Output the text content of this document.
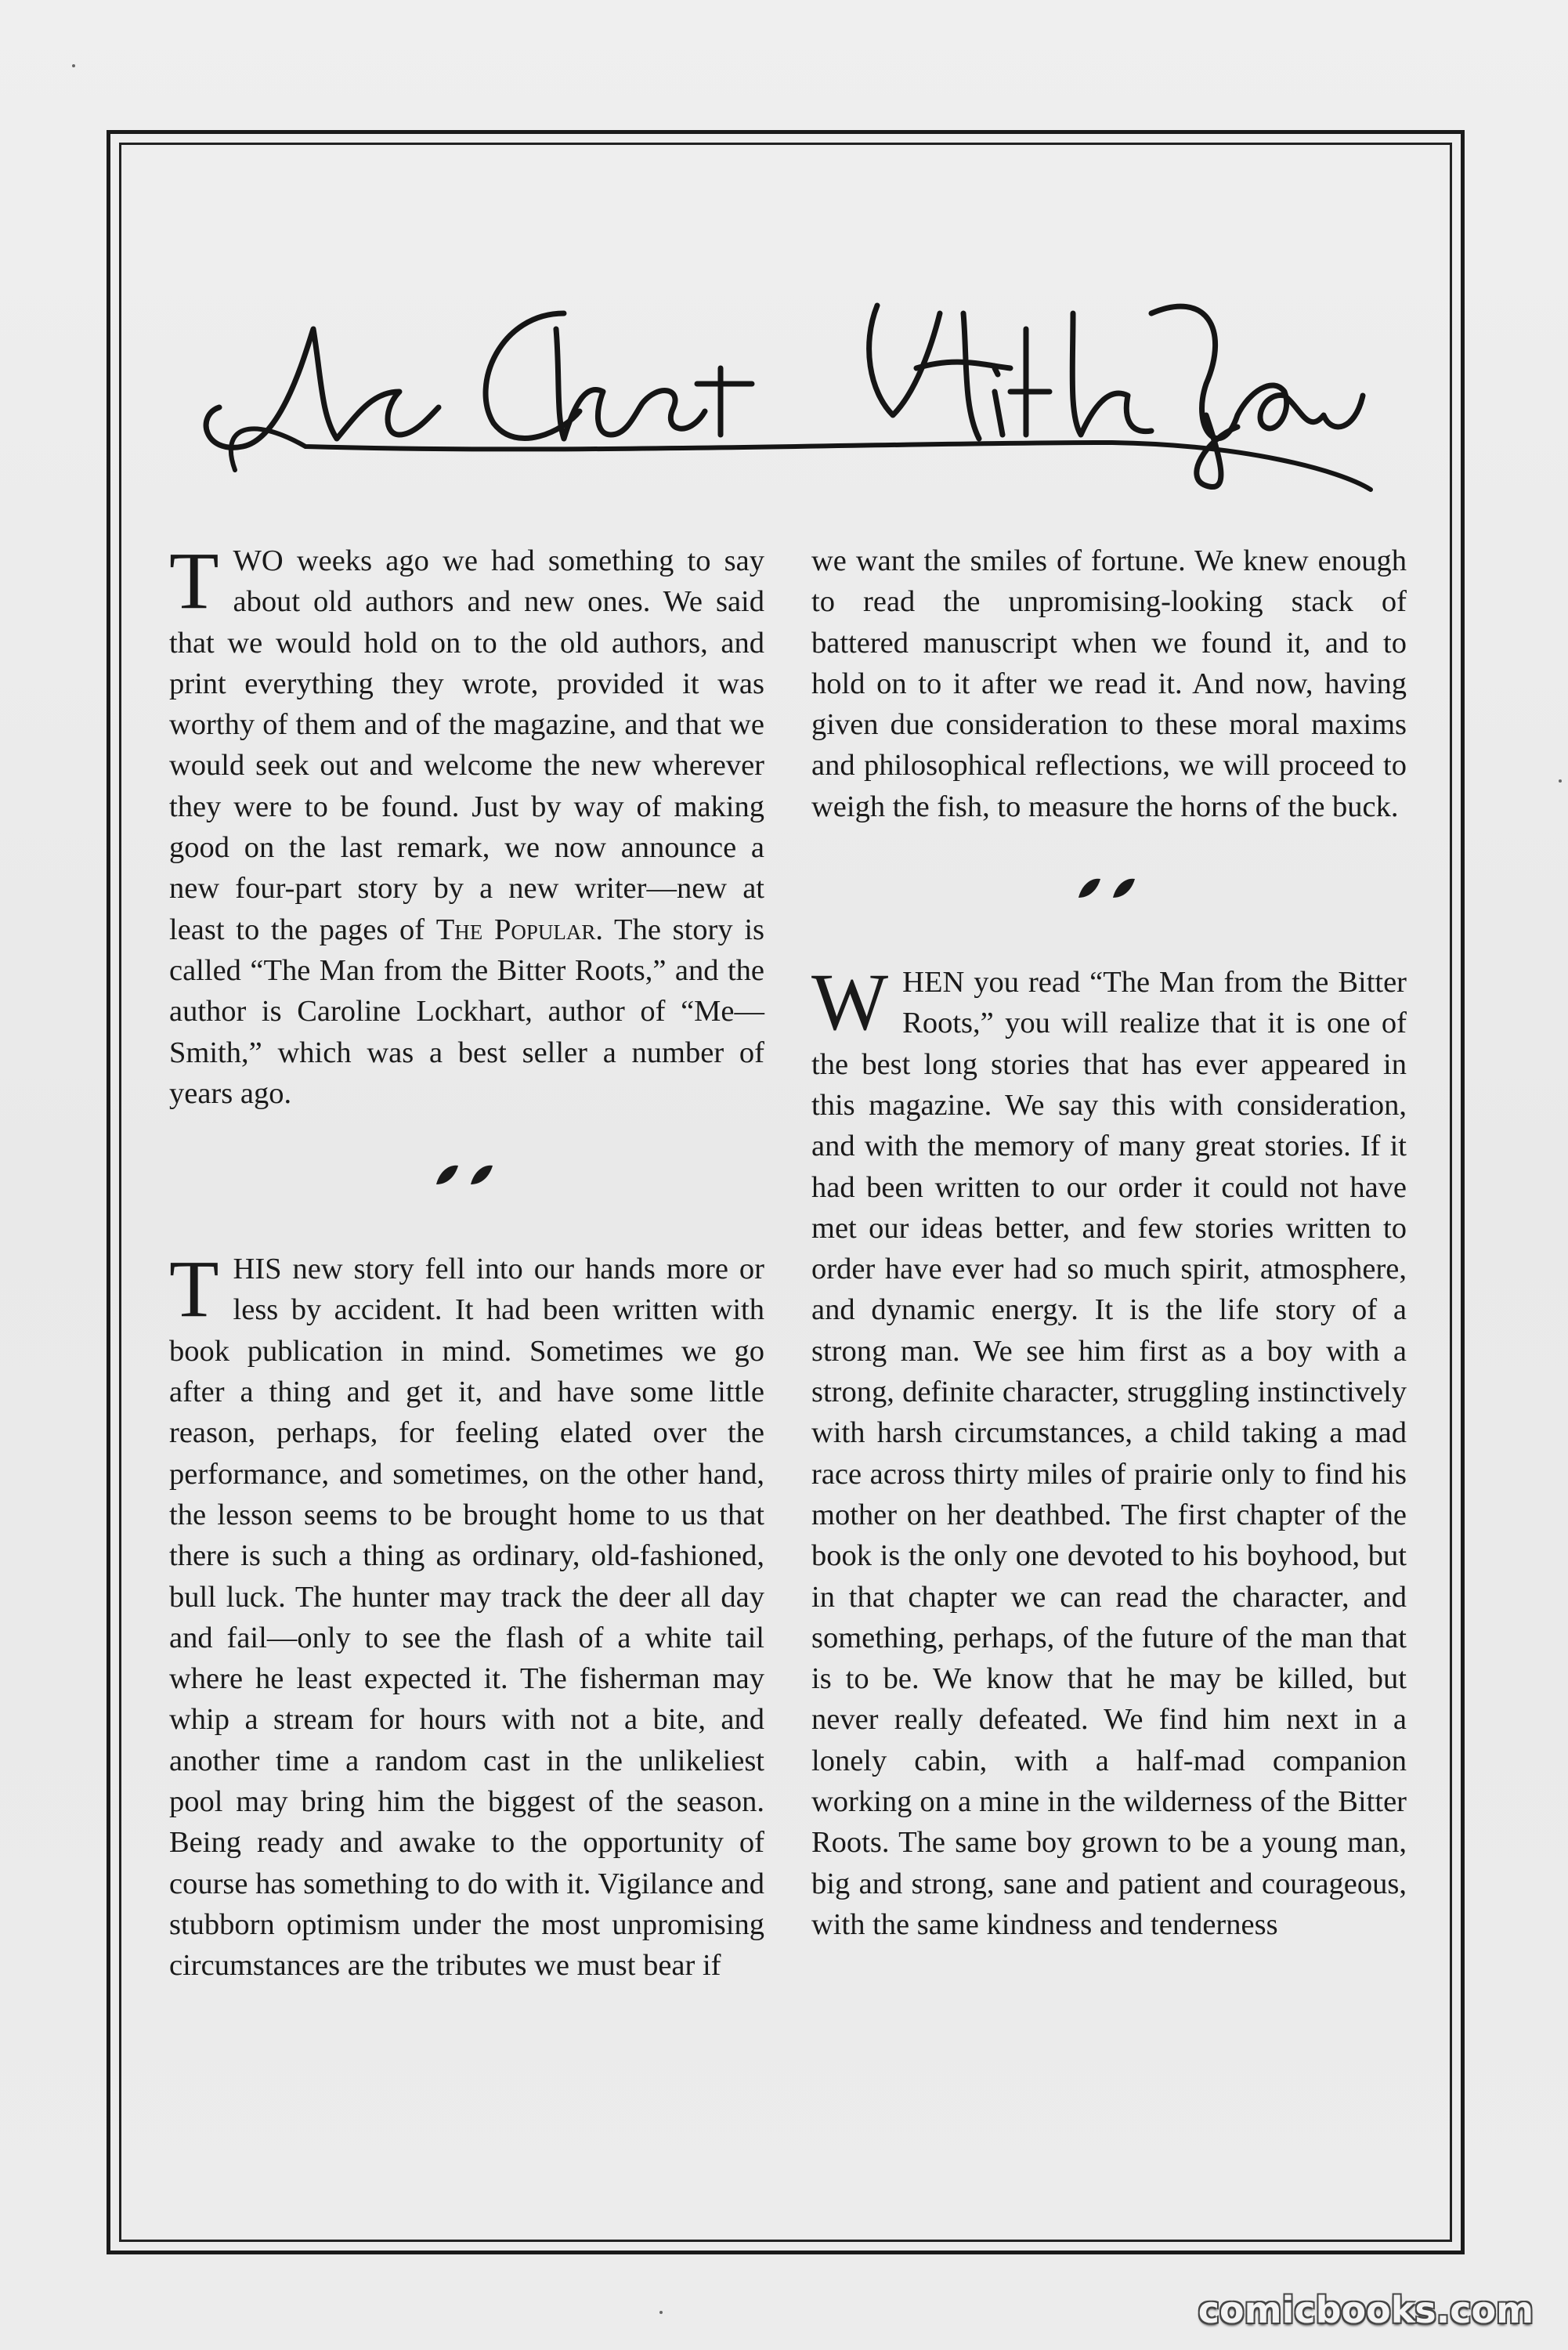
TWO weeks ago we had something to say about old authors and new ones. We said that we would hold on to the old authors, and print everything they wrote, provided it was worthy of them and of the magazine, and that we would seek out and welcome the new wherever they were to be found. Just by way of making good on the last remark, we now announce a new four-part story by a new writer—new at least to the pages of The Popular. The story is called “The Man from the Bitter Roots,” and the author is Caroline Lockhart, author of “Me—Smith,” which was a best seller a number of years ago.

THIS new story fell into our hands more or less by accident. It had been written with book publication in mind. Sometimes we go after a thing and get it, and have some little reason, perhaps, for feeling elated over the performance, and sometimes, on the other hand, the lesson seems to be brought home to us that there is such a thing as ordinary, old-fashioned, bull luck. The hunter may track the deer all day and fail—only to see the flash of a white tail where he least expected it. The fisherman may whip a stream for hours with not a bite, and another time a random cast in the unlikeliest pool may bring him the biggest of the season. Being ready and awake to the opportunity of course has something to do with it. Vigilance and stubborn optimism under the most unpromising circumstances are the tributes we must bear if

we want the smiles of fortune. We knew enough to read the unpromising-looking stack of battered manuscript when we found it, and to hold on to it after we read it. And now, having given due consideration to these moral maxims and philosophical reflections, we will proceed to weigh the fish, to measure the horns of the buck.

WHEN you read “The Man from the Bitter Roots,” you will realize that it is one of the best long stories that has ever appeared in this magazine. We say this with consideration, and with the memory of many great stories. If it had been written to our order it could not have met our ideas better, and few stories written to order have ever had so much spirit, atmosphere, and dynamic energy. It is the life story of a strong man. We see him first as a boy with a strong, definite character, struggling instinctively with harsh circumstances, a child taking a mad race across thirty miles of prairie only to find his mother on her deathbed. The first chapter of the book is the only one devoted to his boyhood, but in that chapter we can read the character, and something, perhaps, of the future of the man that is to be. We know that he may be killed, but never really defeated. We find him next in a lonely cabin, with a half-mad companion working on a mine in the wilderness of the Bitter Roots. The same boy grown to be a young man, big and strong, sane and patient and courageous, with the same kindness and tenderness

comicbooks.com
